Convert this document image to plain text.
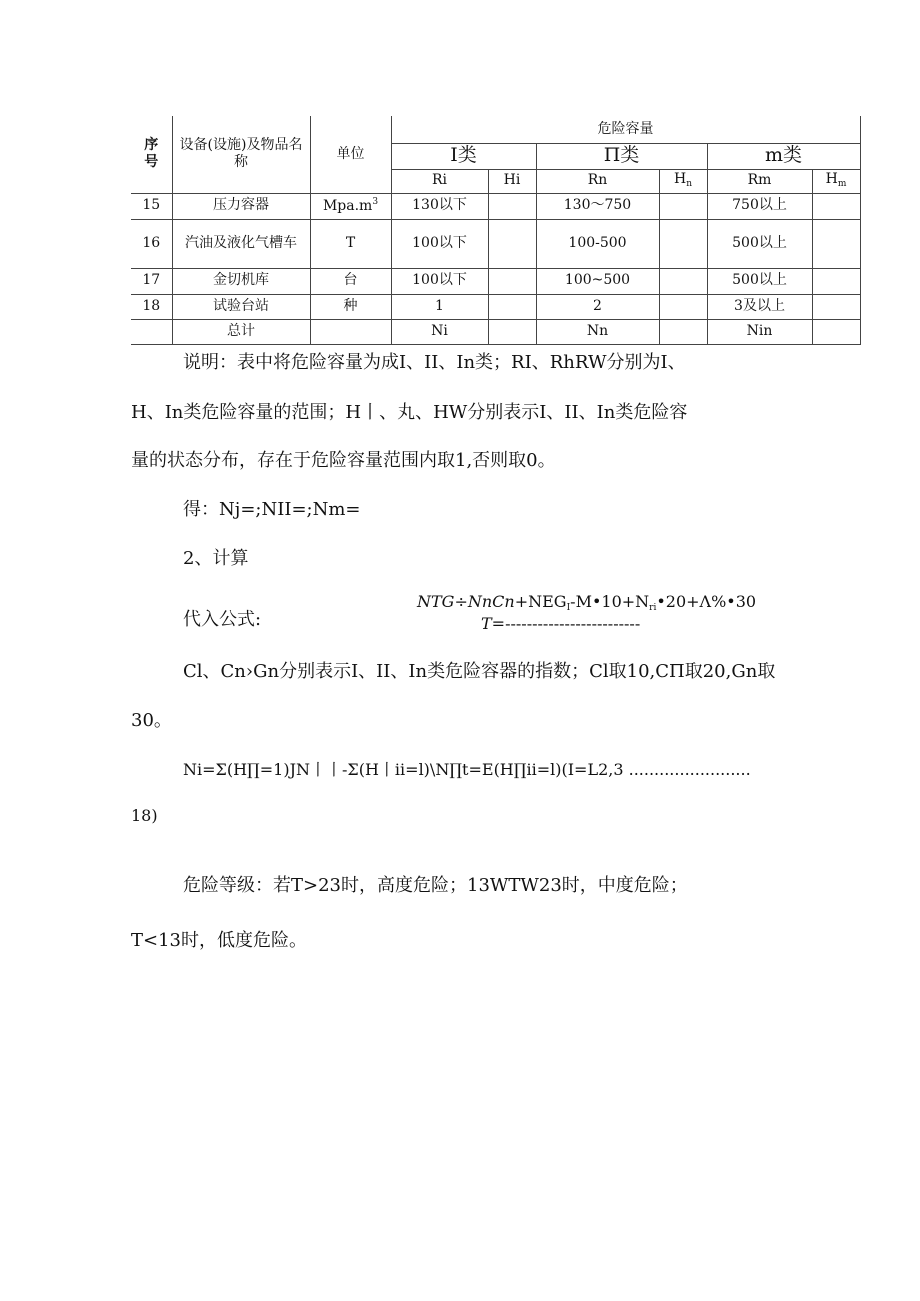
序
号	设备(设施)及物品名称	单位	危险容量					
			I类		П类		m类	
			Ri	Hi	Rn	$H_n$	Rm	$H_m$
15	压力容器	$Mpa.m^3$	130以下		130～750		750以上	
16	汽油及液化气槽车	T	100以下		100-500		500以上	
17	金切机库	台	100以下		100~500		500以上	
18	试验台站	种	1		2		3及以上	
	总计		Ni		Nn		Nin	
说明：表中将危险容量为成I、II、In类；RI、RhRW分别为I、
H、In类危险容量的范围；H丨、丸、HW分别表示I、II、In类危险容
量的状态分布，存在于危险容量范围内取1,否则取0。
得：Nj=;NII=;Nm=
2、计算
代入公式:
$NTG\div NnCn+NEG_I-M•10+N_{ri}•20+\Lambda\%•30$
T=-------------------------
Cl、Cn›Gn分别表示I、II、In类危险容器的指数；Cl取10,CП取20,Gn取
30。
Ni=Σ(H∏=1)JN丨丨-Σ(H丨ii=l)\N∏t=E(H∏ii=l)(I=L2,3 ........................
18)
危险等级：若T>23时，高度危险；13WTW23时，中度危险；
T<13时，低度危险。
